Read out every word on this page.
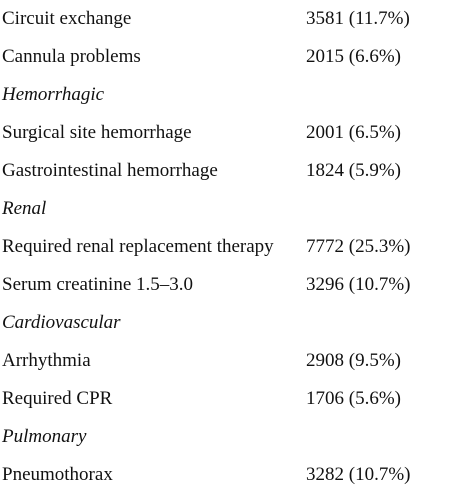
Circuit exchange	3581 (11.7%)
Cannula problems	2015 (6.6%)
Hemorrhagic
Surgical site hemorrhage	2001 (6.5%)
Gastrointestinal hemorrhage	1824 (5.9%)
Renal
Required renal replacement therapy 7772 (25.3%)
Serum creatinine 1.5–3.0	3296 (10.7%)
Cardiovascular
Arrhythmia	2908 (9.5%)
Required CPR	1706 (5.6%)
Pulmonary
Pneumothorax	3282 (10.7%)
